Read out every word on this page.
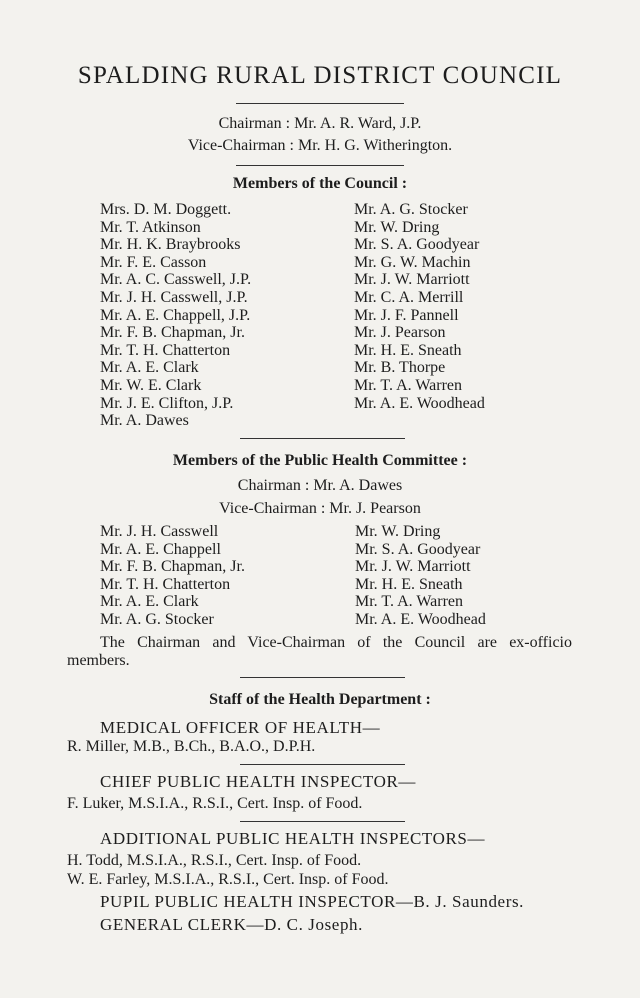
SPALDING RURAL DISTRICT COUNCIL
Chairman : Mr. A. R. Ward, J.P.
Vice-Chairman : Mr. H. G. Witherington.
Members of the Council :
Mrs. D. M. Doggett.
Mr. T. Atkinson
Mr. H. K. Braybrooks
Mr. F. E. Casson
Mr. A. C. Casswell, J.P.
Mr. J. H. Casswell, J.P.
Mr. A. E. Chappell, J.P.
Mr. F. B. Chapman, Jr.
Mr. T. H. Chatterton
Mr. A. E. Clark
Mr. W. E. Clark
Mr. J. E. Clifton, J.P.
Mr. A. Dawes
Mr. A. G. Stocker
Mr. W. Dring
Mr. S. A. Goodyear
Mr. G. W. Machin
Mr. J. W. Marriott
Mr. C. A. Merrill
Mr. J. F. Pannell
Mr. J. Pearson
Mr. H. E. Sneath
Mr. B. Thorpe
Mr. T. A. Warren
Mr. A. E. Woodhead
Members of the Public Health Committee :
Chairman : Mr. A. Dawes
Vice-Chairman : Mr. J. Pearson
Mr. J. H. Casswell
Mr. A. E. Chappell
Mr. F. B. Chapman, Jr.
Mr. T. H. Chatterton
Mr. A. E. Clark
Mr. A. G. Stocker
Mr. W. Dring
Mr. S. A. Goodyear
Mr. J. W. Marriott
Mr. H. E. Sneath
Mr. T. A. Warren
Mr. A. E. Woodhead
The Chairman and Vice-Chairman of the Council are ex-officio members.
Staff of the Health Department :
MEDICAL OFFICER OF HEALTH—
R. Miller, M.B., B.Ch., B.A.O., D.P.H.
CHIEF PUBLIC HEALTH INSPECTOR—
F. Luker, M.S.I.A., R.S.I., Cert. Insp. of Food.
ADDITIONAL PUBLIC HEALTH INSPECTORS—
H. Todd, M.S.I.A., R.S.I., Cert. Insp. of Food.
W. E. Farley, M.S.I.A., R.S.I., Cert. Insp. of Food.
PUPIL PUBLIC HEALTH INSPECTOR—B. J. Saunders.
GENERAL CLERK—D. C. Joseph.
